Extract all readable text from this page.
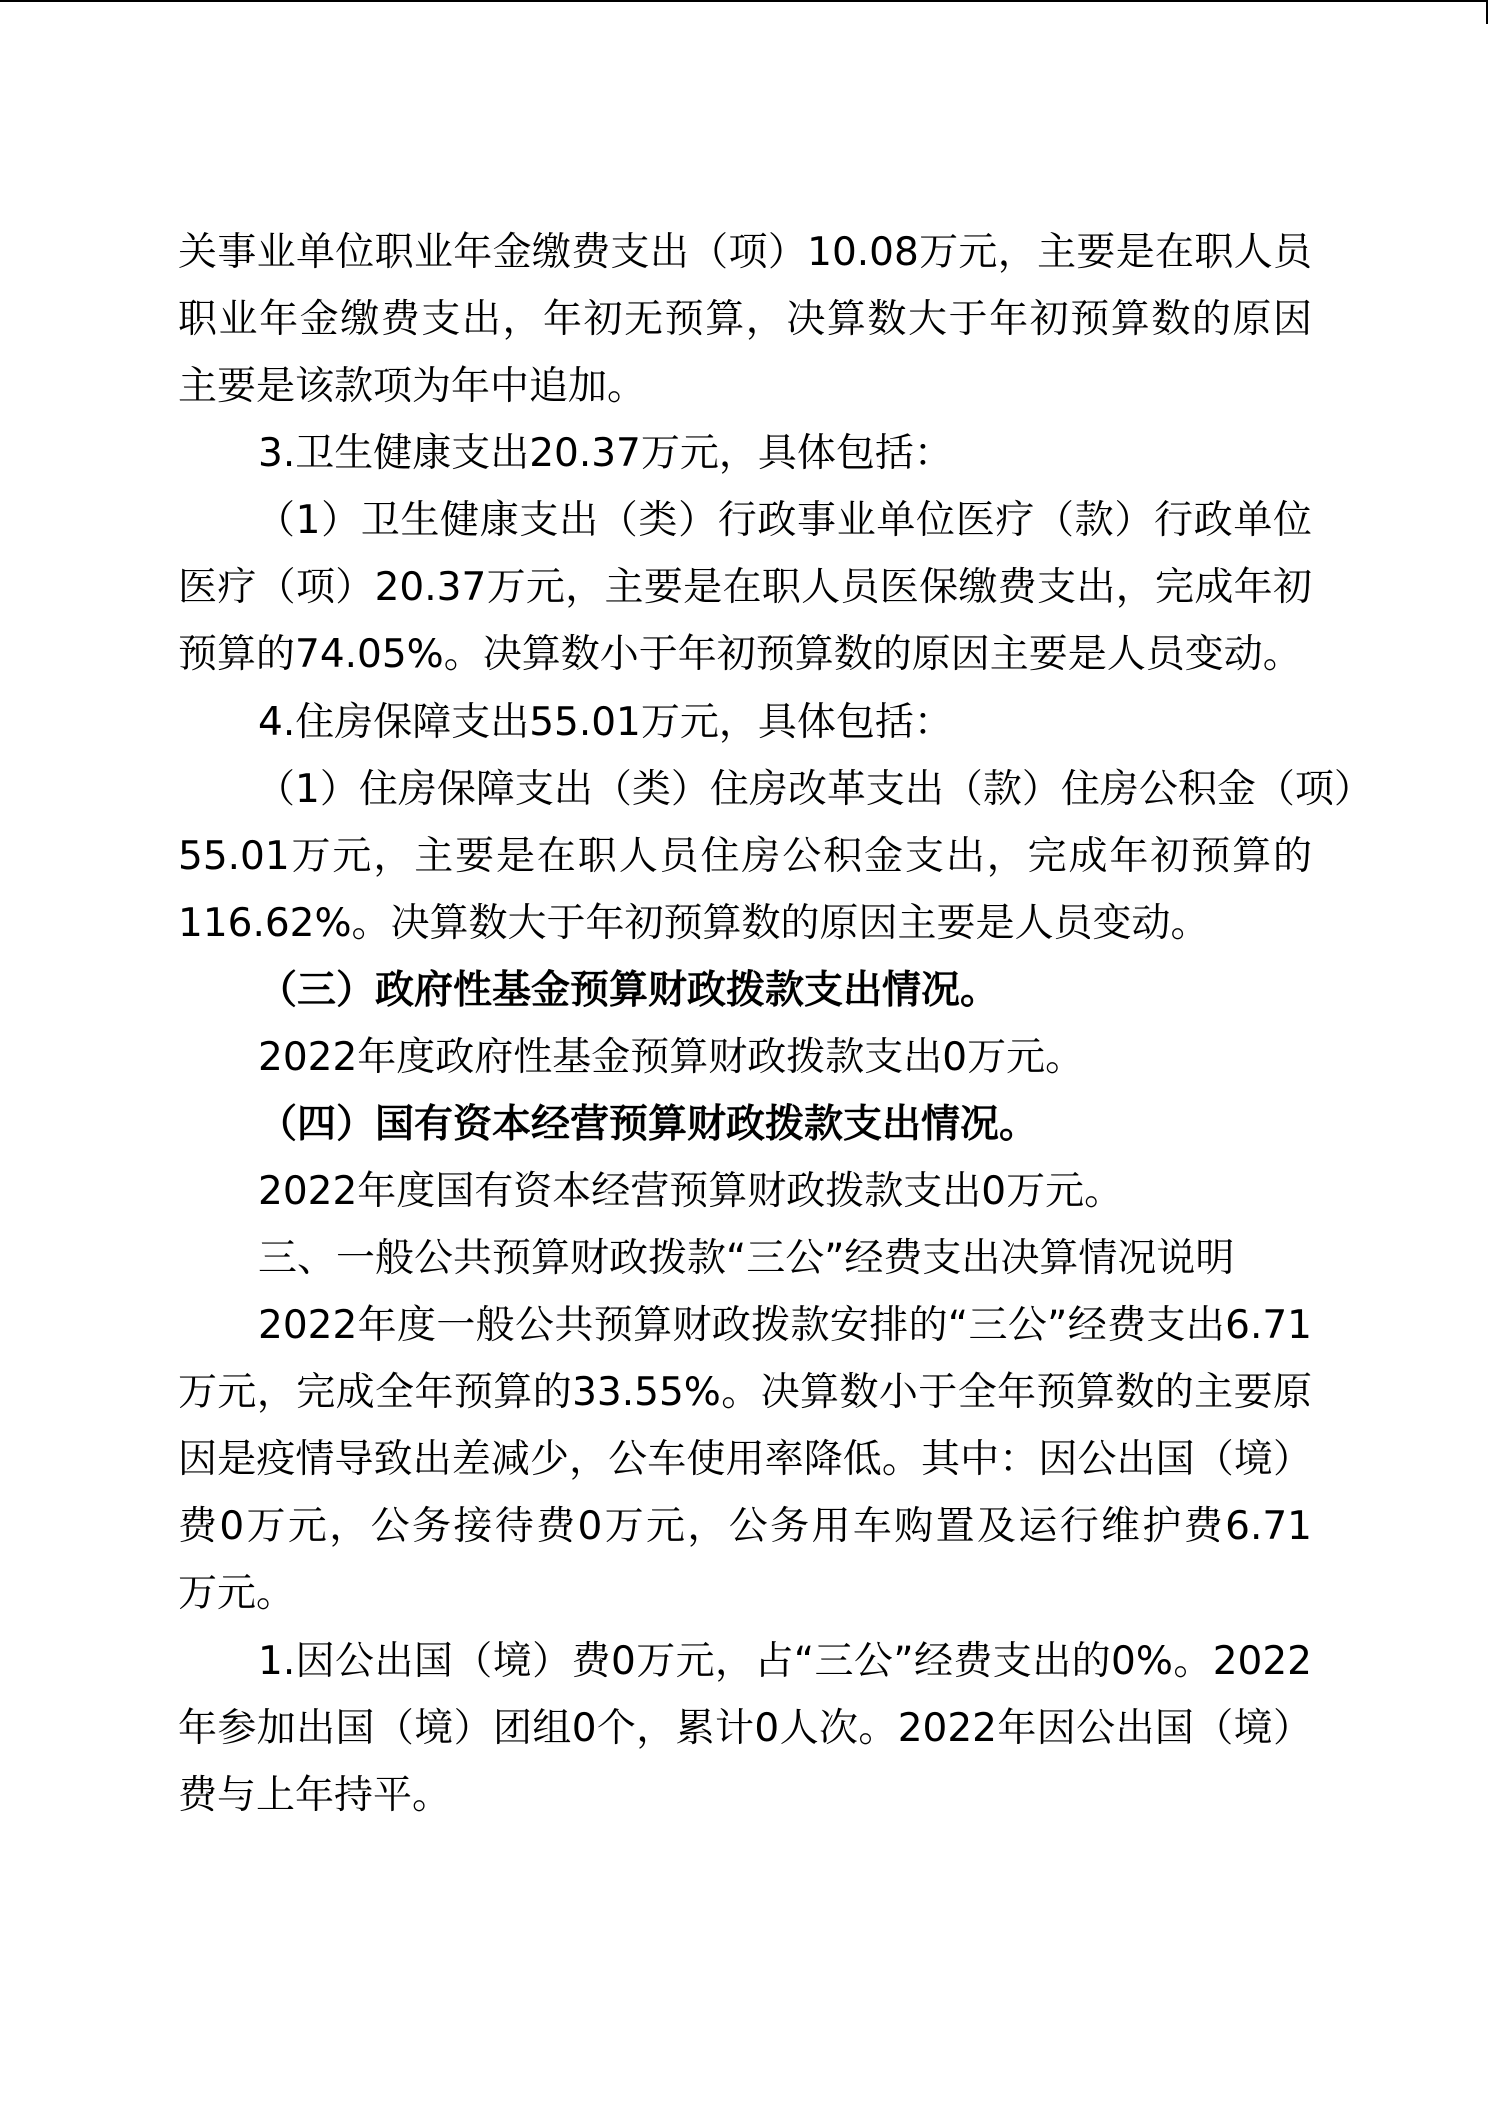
关事业单位职业年金缴费支出（项）10.08万元，主要是在职人员
职业年金缴费支出，年初无预算，决算数大于年初预算数的原因
主要是该款项为年中追加。
3.卫生健康支出20.37万元，具体包括：
（1）卫生健康支出（类）行政事业单位医疗（款）行政单位
医疗（项）20.37万元，主要是在职人员医保缴费支出，完成年初
预算的74.05%。决算数小于年初预算数的原因主要是人员变动。
4.住房保障支出55.01万元，具体包括：
（1）住房保障支出（类）住房改革支出（款）住房公积金（项）
55.01万元，主要是在职人员住房公积金支出，完成年初预算的
116.62%。决算数大于年初预算数的原因主要是人员变动。
（三）政府性基金预算财政拨款支出情况。
2022年度政府性基金预算财政拨款支出0万元。
（四）国有资本经营预算财政拨款支出情况。
2022年度国有资本经营预算财政拨款支出0万元。
三、一般公共预算财政拨款“三公”经费支出决算情况说明
2022年度一般公共预算财政拨款安排的“三公”经费支出6.71
万元，完成全年预算的33.55%。决算数小于全年预算数的主要原
因是疫情导致出差减少，公车使用率降低。其中：因公出国（境）
费0万元，公务接待费0万元，公务用车购置及运行维护费6.71
万元。
1.因公出国（境）费0万元，占“三公”经费支出的0%。2022
年参加出国（境）团组0个，累计0人次。2022年因公出国（境）
费与上年持平。
